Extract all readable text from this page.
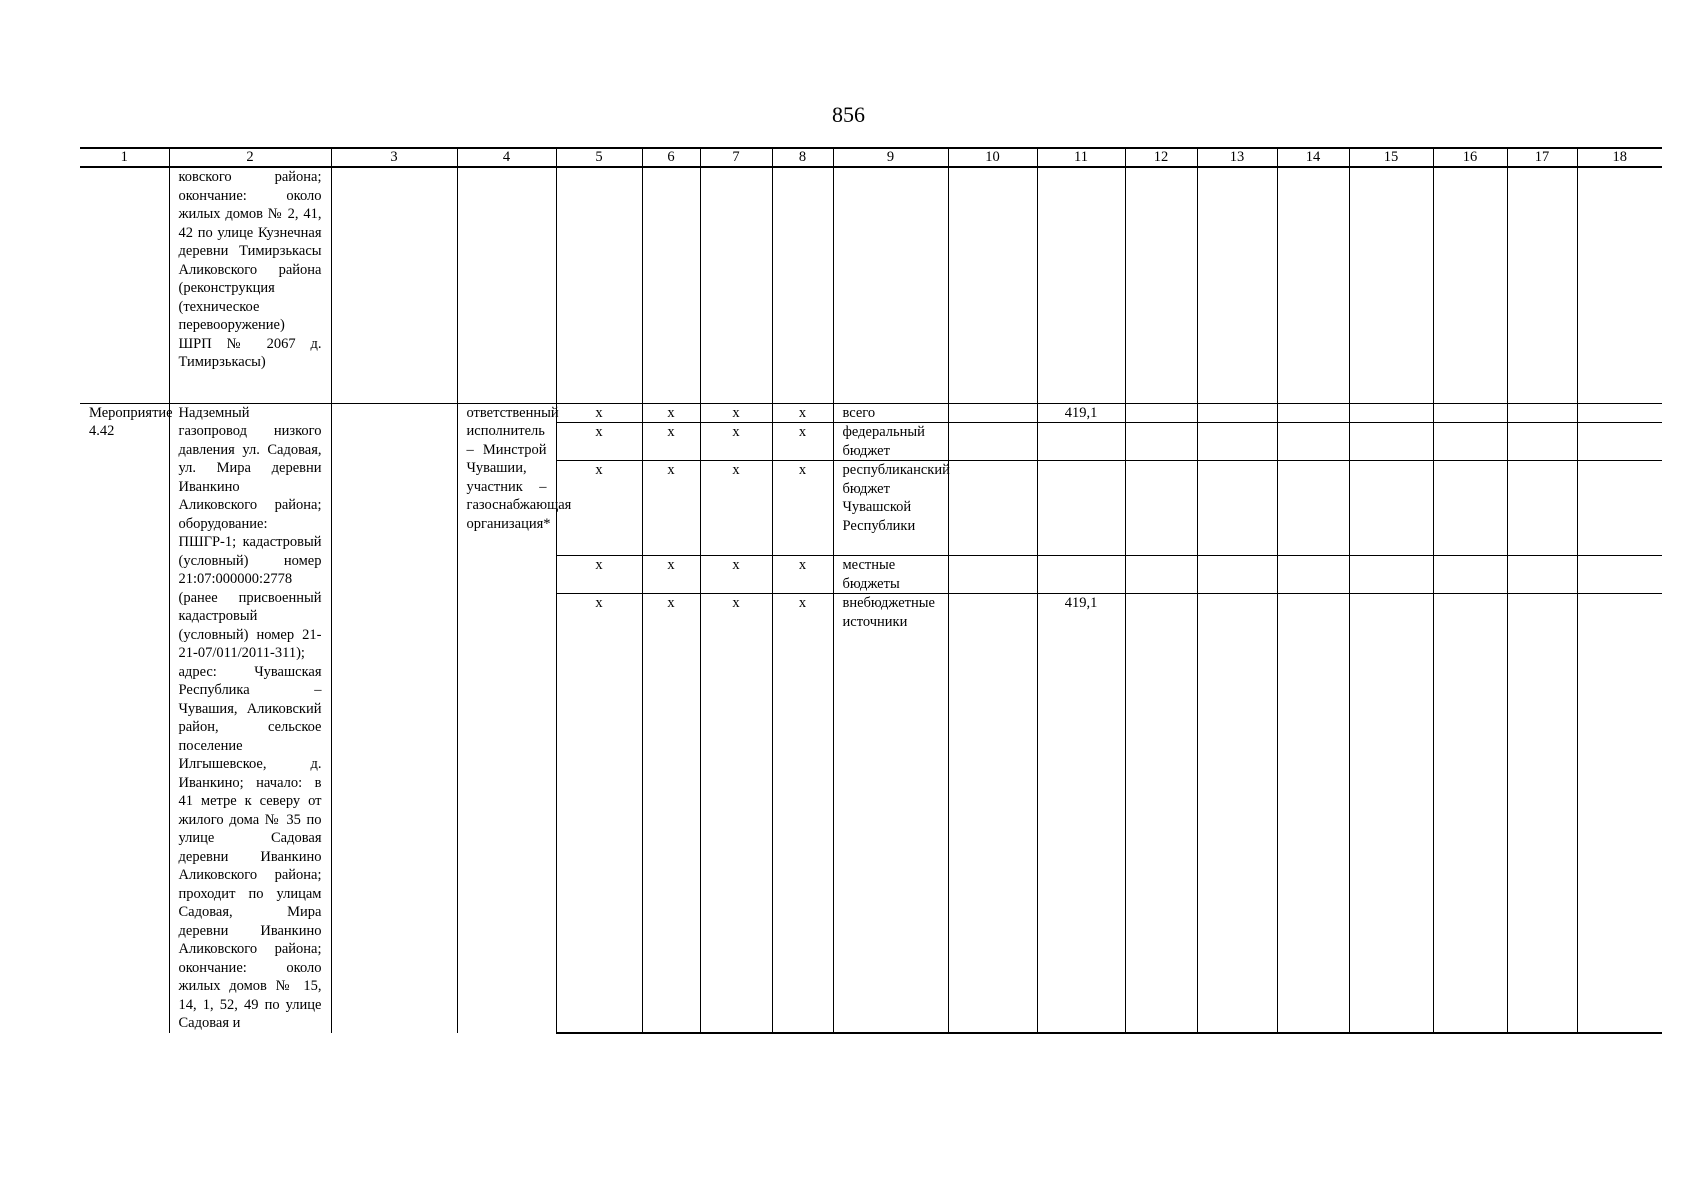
856
1	2	3	4	5	6	7	8	9	10	11	12	13	14	15	16	17	18
	ковского района; окончание: около жилых домов № 2, 41, 42 по улице Кузнечная деревни Тимирзькасы Аликовского района (реконструкция (техническое перевооружение) ШРП № 2067 д. Тимирзькасы)																
Мероприятие 4.42	Надземный газопровод низкого давления ул. Садовая, ул. Мира деревни Иванкино Аликовского района; оборудование: ПШГР-1; кадастровый (условный) номер 21:07:000000:2778 (ранее присвоенный кадастровый (условный) номер 21-21-07/011/2011-311); адрес: Чувашская Республика – Чувашия, Аликовский район, сельское поселение Илгышевское, д. Иванкино; начало: в 41 метре к северу от жилого дома № 35 по улице Садовая деревни Иванкино Аликовского района; проходит по улицам Садовая, Мира деревни Иванкино Аликовского района; окончание: около жилых домов № 15, 14, 1, 52, 49 по улице Садовая и		ответственный исполнитель – Минстрой Чувашии, участник – газоснабжающая организация*	x	x	x	x	всего		419,1							
				x	x	x	x	федеральный бюджет									
				x	x	x	x	республиканский бюджет Чувашской Республики									
				x	x	x	x	местные бюджеты									
				x	x	x	x	внебюджетные источники		419,1							
